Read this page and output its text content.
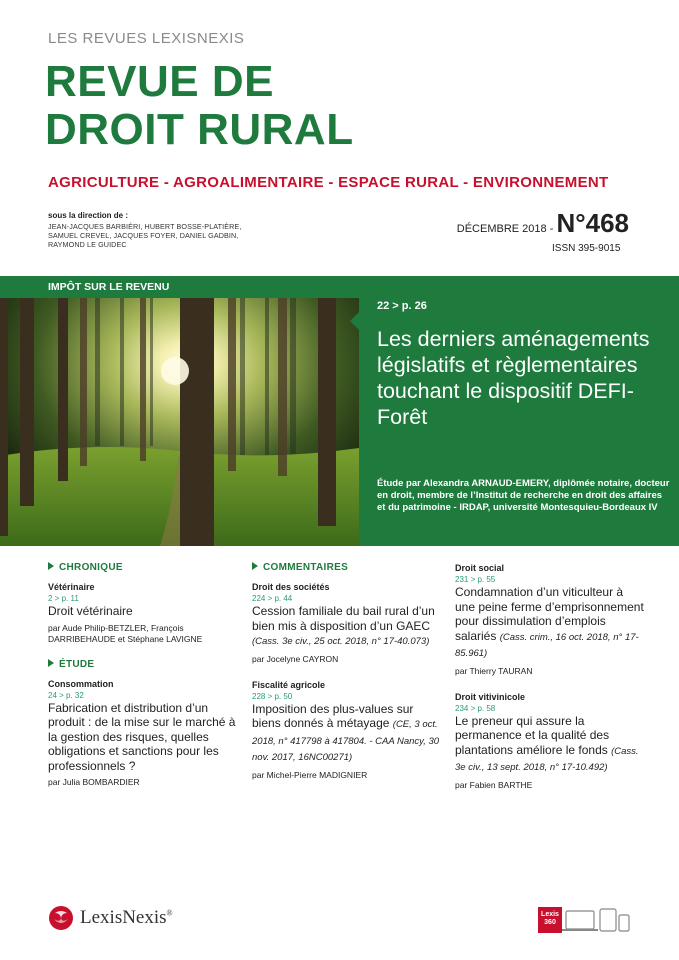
LES REVUES LEXISNEXIS
REVUE DE
DROIT RURAL
AGRICULTURE - AGROALIMENTAIRE - ESPACE RURAL - ENVIRONNEMENT
sous la direction de :
JEAN-JACQUES BARBIÉRI, HUBERT BOSSE-PLATIÈRE,
SAMUEL CREVEL, JACQUES FOYER, DANIEL GADBIN,
RAYMOND LE GUIDEC
DÉCEMBRE 2018 - N°468
ISSN 395-9015
IMPÔT SUR LE REVENU
22 > p. 26
Les derniers aménagements législatifs et règlementaires touchant le dispositif DEFI-Forêt
Étude par Alexandra ARNAUD-EMERY, diplômée notaire, docteur en droit, membre de l’Institut de recherche en droit des affaires et du patrimoine - IRDAP, université Montesquieu-Bordeaux IV
CHRONIQUE
Vétérinaire
2 > p. 11
Droit vétérinaire
par Aude Philip-BETZLER, François DARRIBEHAUDE et Stéphane LAVIGNE
ÉTUDE
Consommation
24 > p. 32
Fabrication et distribution d’un produit : de la mise sur le marché à la gestion des risques, quelles obligations et sanctions pour les professionnels ?
par Julia BOMBARDIER
COMMENTAIRES
Droit des sociétés
224 > p. 44
Cession familiale du bail rural d’un bien mis à disposition d’un GAEC (Cass. 3e civ., 25 oct. 2018, n° 17-40.073)
par Jocelyne CAYRON
Fiscalité agricole
228 > p. 50
Imposition des plus-values sur biens donnés à métayage (CE, 3 oct. 2018, n° 417798 à 417804. - CAA Nancy, 30 nov. 2017, 16NC00271)
par Michel-Pierre MADIGNIER
Droit social
231 > p. 55
Condamnation d’un viticulteur à une peine ferme d’emprisonnement pour dissimulation d’emplois salariés (Cass. crim., 16 oct. 2018, n° 17-85.961)
par Thierry TAURAN
Droit vitivinicole
234 > p. 58
Le preneur qui assure la permanence et la qualité des plantations améliore le fonds (Cass. 3e civ., 13 sept. 2018, n° 17-10.492)
par Fabien BARTHE
LexisNexis®	Lexis
360
